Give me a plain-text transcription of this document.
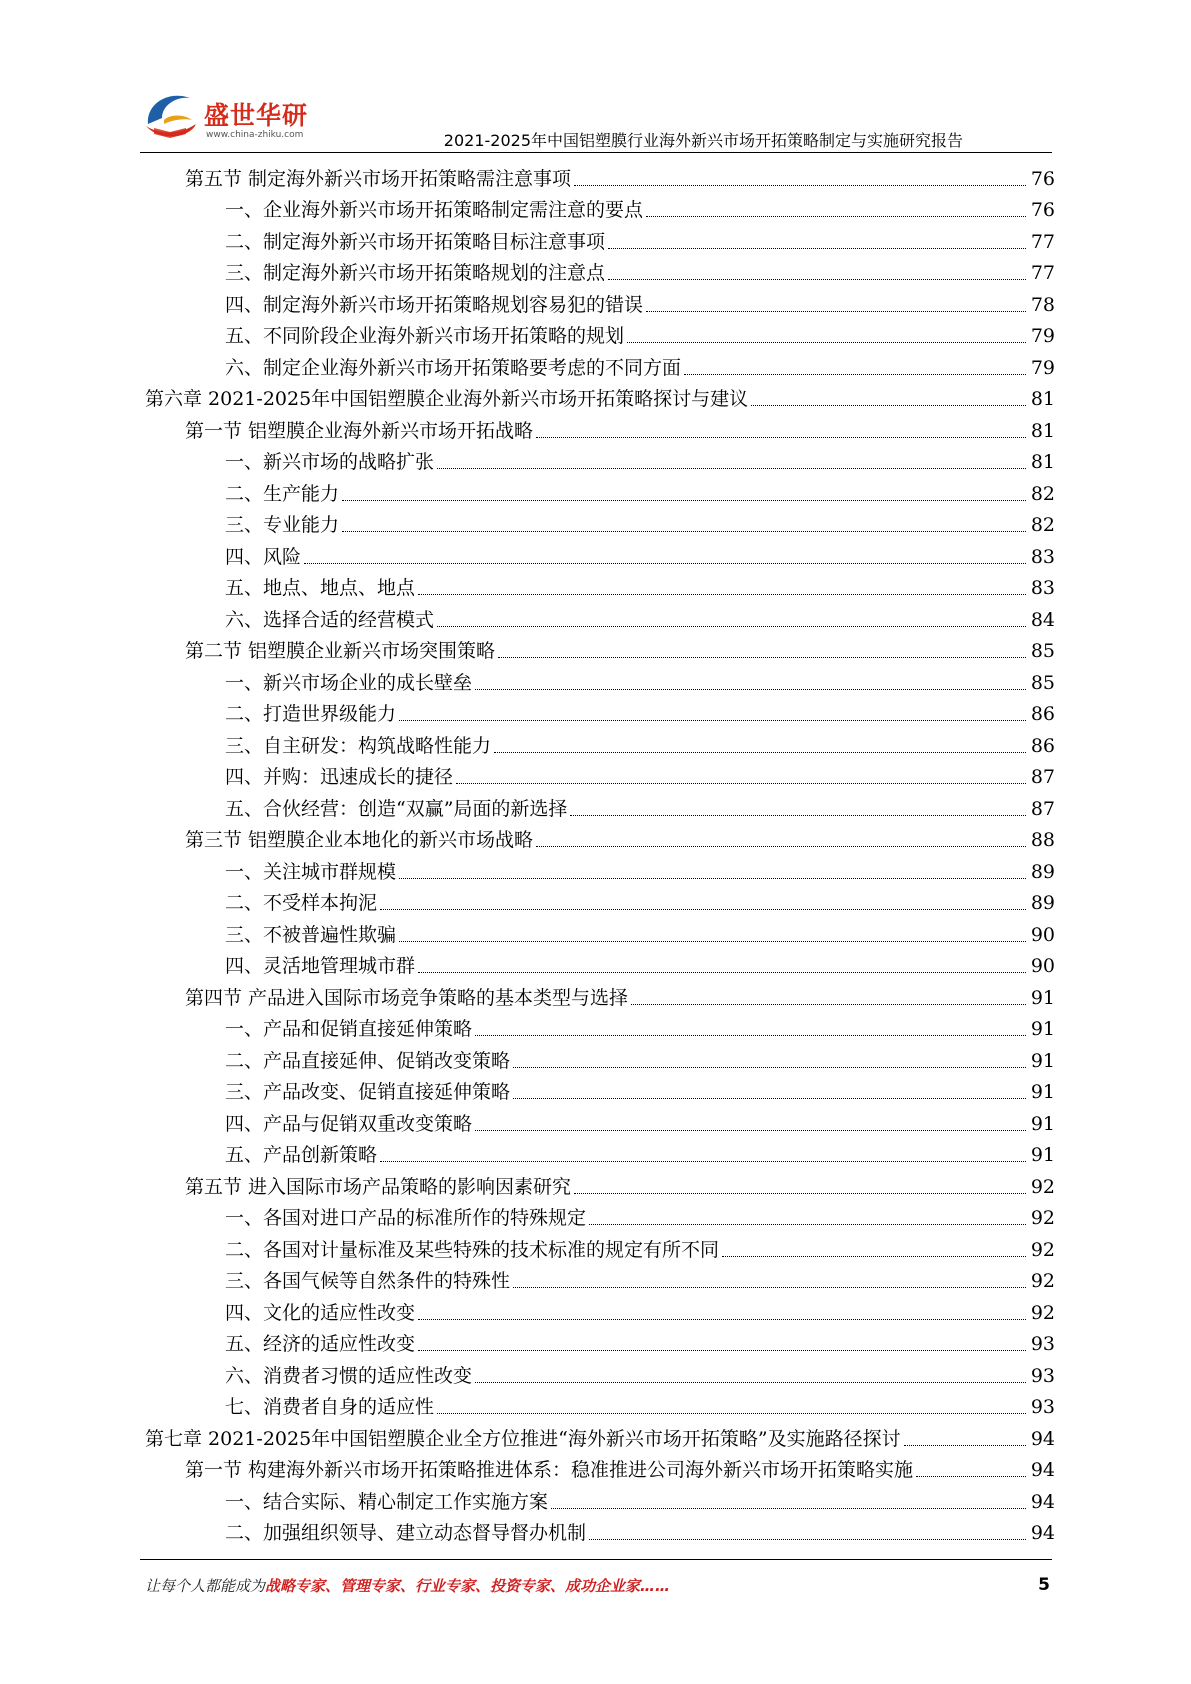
盛世华研
www.china-zhiku.com	2021-2025年中国铝塑膜行业海外新兴市场开拓策略制定与实施研究报告
第五节 制定海外新兴市场开拓策略需注意事项	76
一、企业海外新兴市场开拓策略制定需注意的要点	76
二、制定海外新兴市场开拓策略目标注意事项	77
三、制定海外新兴市场开拓策略规划的注意点	77
四、制定海外新兴市场开拓策略规划容易犯的错误	78
五、不同阶段企业海外新兴市场开拓策略的规划	79
六、制定企业海外新兴市场开拓策略要考虑的不同方面	79
第六章 2021-2025年中国铝塑膜企业海外新兴市场开拓策略探讨与建议	81
第一节 铝塑膜企业海外新兴市场开拓战略	81
一、新兴市场的战略扩张	81
二、生产能力	82
三、专业能力	82
四、风险	83
五、地点、地点、地点	83
六、选择合适的经营模式	84
第二节 铝塑膜企业新兴市场突围策略	85
一、新兴市场企业的成长壁垒	85
二、打造世界级能力	86
三、自主研发：构筑战略性能力	86
四、并购：迅速成长的捷径	87
五、合伙经营：创造“双赢”局面的新选择	87
第三节 铝塑膜企业本地化的新兴市场战略	88
一、关注城市群规模	89
二、不受样本拘泥	89
三、不被普遍性欺骗	90
四、灵活地管理城市群	90
第四节 产品进入国际市场竞争策略的基本类型与选择	91
一、产品和促销直接延伸策略	91
二、产品直接延伸、促销改变策略	91
三、产品改变、促销直接延伸策略	91
四、产品与促销双重改变策略	91
五、产品创新策略	91
第五节 进入国际市场产品策略的影响因素研究	92
一、各国对进口产品的标准所作的特殊规定	92
二、各国对计量标准及某些特殊的技术标准的规定有所不同	92
三、各国气候等自然条件的特殊性	92
四、文化的适应性改变	92
五、经济的适应性改变	93
六、消费者习惯的适应性改变	93
七、消费者自身的适应性	93
第七章 2021-2025年中国铝塑膜企业全方位推进“海外新兴市场开拓策略”及实施路径探讨	94
第一节 构建海外新兴市场开拓策略推进体系：稳准推进公司海外新兴市场开拓策略实施	94
一、结合实际、精心制定工作实施方案	94
二、加强组织领导、建立动态督导督办机制	94
让每个人都能成为战略专家、管理专家、行业专家、投资专家、成功企业家……	5
